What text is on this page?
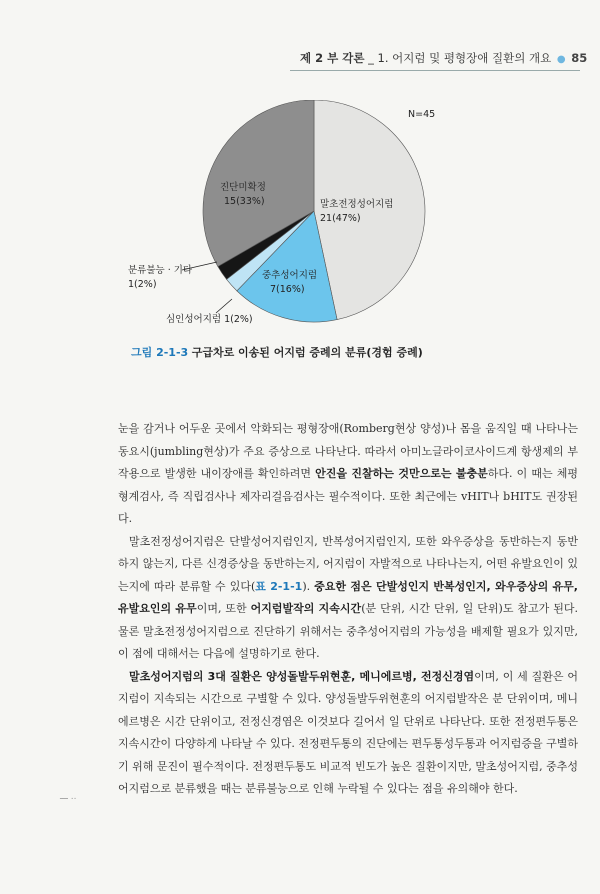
제 2 부 각론 _ 1. 어지럼 및 평형장애 질환의 개요 ● 85
N=45
말초전정성어지럼
21(47%)
진단미확정
15(33%)
중추성어지럼
7(16%)
분류불능 · 기타
1(2%)
심인성어지럼 1(2%)
그림 2-1-3 구급차로 이송된 어지럼 증례의 분류(경험 증례)

눈을 감거나 어두운 곳에서 악화되는 평형장애(Romberg현상 양성)나 몸을 움직일 때 나타나는 동요시(jumbling현상)가 주요 증상으로 나타난다. 따라서 아미노글라이코사이드계 항생제의 부작용으로 발생한 내이장애를 확인하려면 안진을 진찰하는 것만으로는 불충분하다. 이 때는 체평형계검사, 즉 직립검사나 제자리걸음검사는 필수적이다. 또한 최근에는 vHIT나 bHIT도 권장된다.

말초전정성어지럼은 단발성어지럼인지, 반복성어지럼인지, 또한 와우증상을 동반하는지 동반하지 않는지, 다른 신경증상을 동반하는지, 어지럼이 자발적으로 나타나는지, 어떤 유발요인이 있는지에 따라 분류할 수 있다(표 2-1-1). 중요한 점은 단발성인지 반복성인지, 와우증상의 유무, 유발요인의 유무이며, 또한 어지럼발작의 지속시간(분 단위, 시간 단위, 일 단위)도 참고가 된다. 물론 말초전정성어지럼으로 진단하기 위해서는 중추성어지럼의 가능성을 배제할 필요가 있지만, 이 점에 대해서는 다음에 설명하기로 한다.

말초성어지럼의 3대 질환은 양성돌발두위현훈, 메니에르병, 전정신경염이며, 이 세 질환은 어지럼이 지속되는 시간으로 구별할 수 있다. 양성돌발두위현훈의 어지럼발작은 분 단위이며, 메니에르병은 시간 단위이고, 전정신경염은 이것보다 길어서 일 단위로 나타난다. 또한 전정편두통은 지속시간이 다양하게 나타날 수 있다. 전정편두통의 진단에는 편두통성두통과 어지럼증을 구별하기 위해 문진이 필수적이다. 전정편두통도 비교적 빈도가 높은 질환이지만, 말초성어지럼, 중추성어지럼으로 분류했을 때는 분류불능으로 인해 누락될 수 있다는 점을 유의해야 한다.

ـــ ..
